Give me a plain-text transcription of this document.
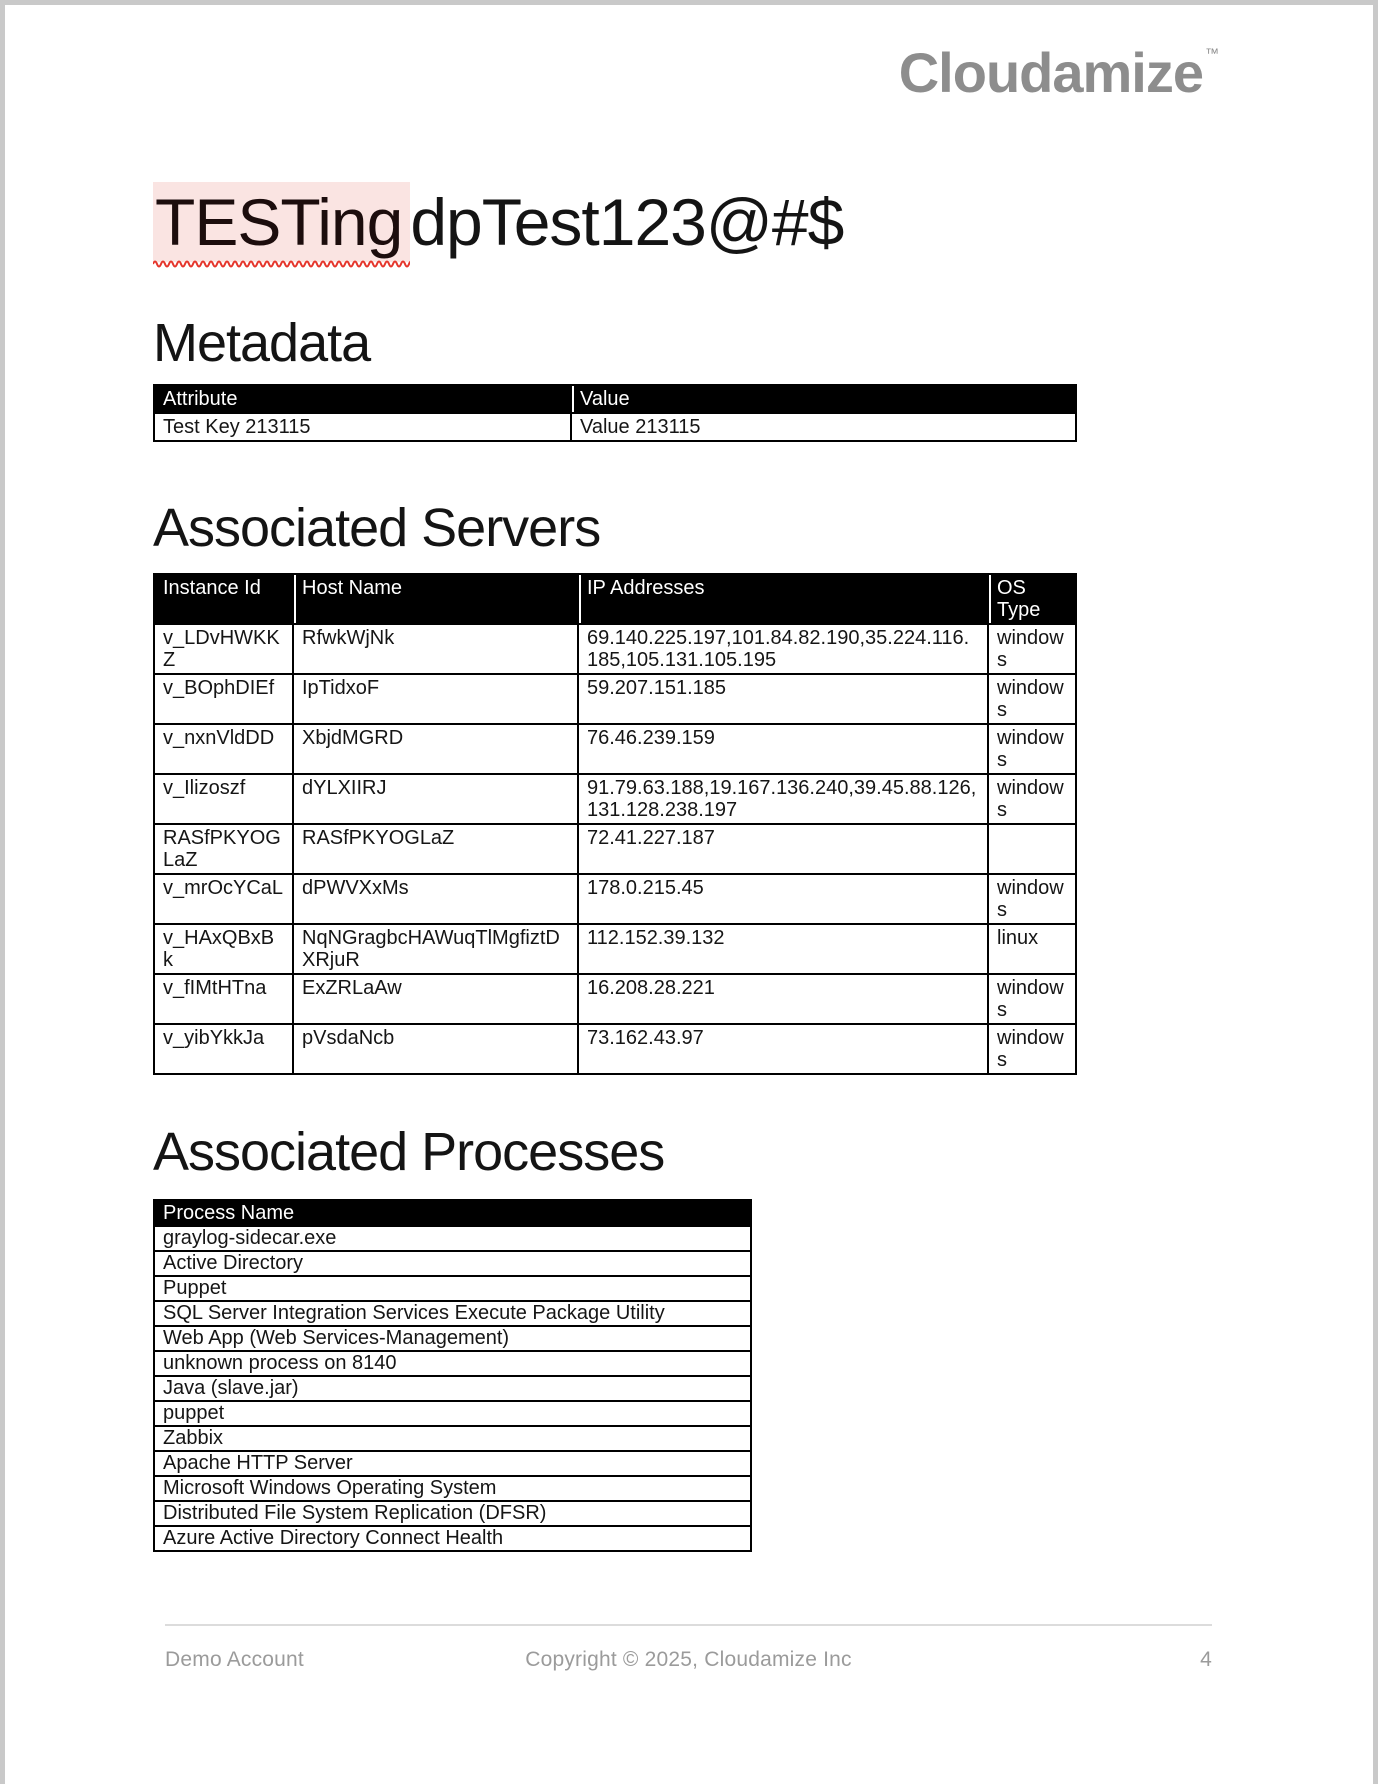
Cloudamize ™
TESTing dpTest123@#$
Metadata
Attribute	Value
Test Key 213115	Value 213115
Associated Servers
Instance Id	Host Name	IP Addresses	OS Type
v_LDvHWKKZ	RfwkWjNk	69.140.225.197,101.84.82.190,35.224.116.185,105.131.105.195	windows
v_BOphDIEf	IpTidxoF	59.207.151.185	windows
v_nxnVldDD	XbjdMGRD	76.46.239.159	windows
v_Ilizoszf	dYLXIIRJ	91.79.63.188,19.167.136.240,39.45.88.126,131.128.238.197	windows
RASfPKYOGLaZ	RASfPKYOGLaZ	72.41.227.187	
v_mrOcYCaL	dPWVXxMs	178.0.215.45	windows
v_HAxQBxBk	NqNGragbcHAWuqTlMgfiztDXRjuR	112.152.39.132	linux
v_fIMtHTna	ExZRLaAw	16.208.28.221	windows
v_yibYkkJa	pVsdaNcb	73.162.43.97	windows
Associated Processes
Process Name
graylog-sidecar.exe
Active Directory
Puppet
SQL Server Integration Services Execute Package Utility
Web App (Web Services-Management)
unknown process on 8140
Java (slave.jar)
puppet
Zabbix
Apache HTTP Server
Microsoft Windows Operating System
Distributed File System Replication (DFSR)
Azure Active Directory Connect Health
Demo Account	Copyright © 2025, Cloudamize Inc	4
